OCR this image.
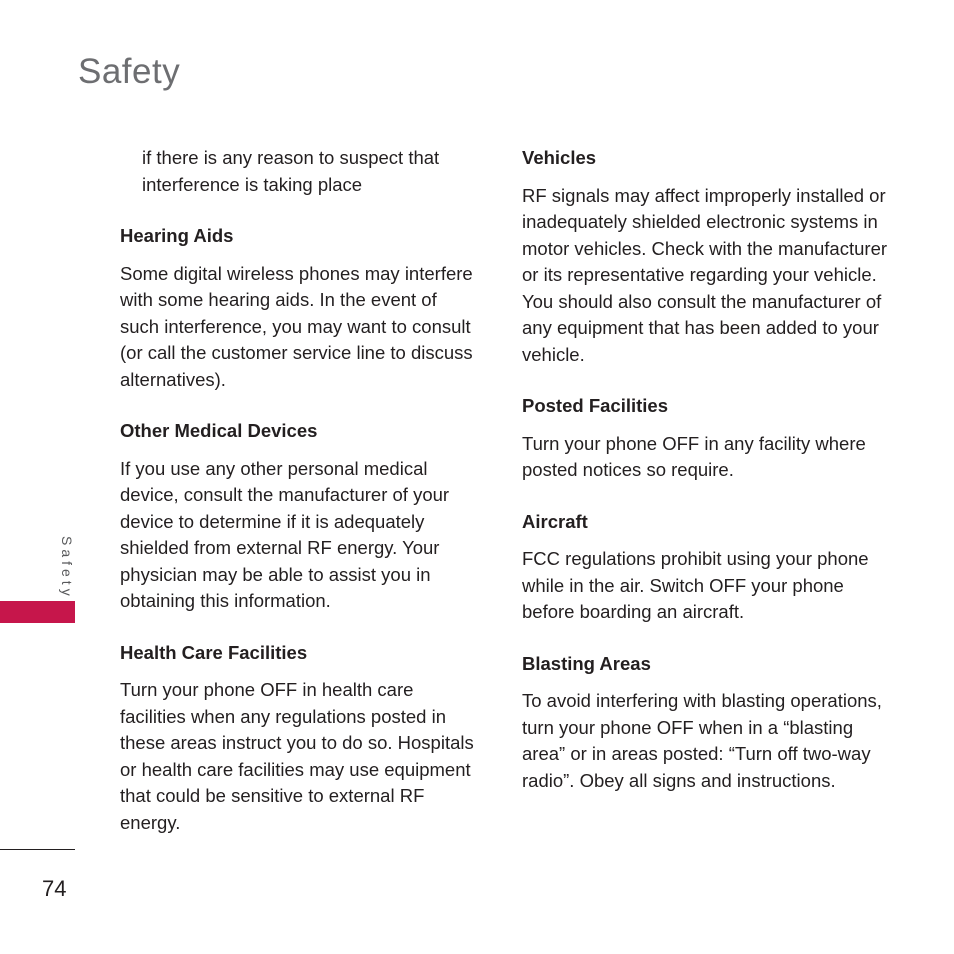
Safety

if there is any reason to suspect that interference is taking place

Hearing Aids

Some digital wireless phones may interfere with some hearing aids. In the event of such interference, you may want to consult (or call the customer service line to discuss alternatives).

Other Medical Devices

If you use any other personal medical device, consult the manufacturer of your device to determine if it is adequately shielded from external RF energy. Your physician may be able to assist you in obtaining this information.

Health Care Facilities

Turn your phone OFF in health care facilities when any regulations posted in these areas instruct you to do so. Hospitals or health care facilities may use equipment that could be sensitive to external RF energy.

Vehicles

RF signals may affect improperly installed or inadequately shielded electronic systems in motor vehicles. Check with the manufacturer or its representative regarding your vehicle. You should also consult the manufacturer of any equipment that has been added to your vehicle.

Posted Facilities

Turn your phone OFF in any facility where posted notices so require.

Aircraft

FCC regulations prohibit using your phone while in the air. Switch OFF your phone before boarding an aircraft.

Blasting Areas

To avoid interfering with blasting operations, turn your phone OFF when in a “blasting area” or in areas posted: “Turn off two-way radio”. Obey all signs and instructions.

Safety
74
